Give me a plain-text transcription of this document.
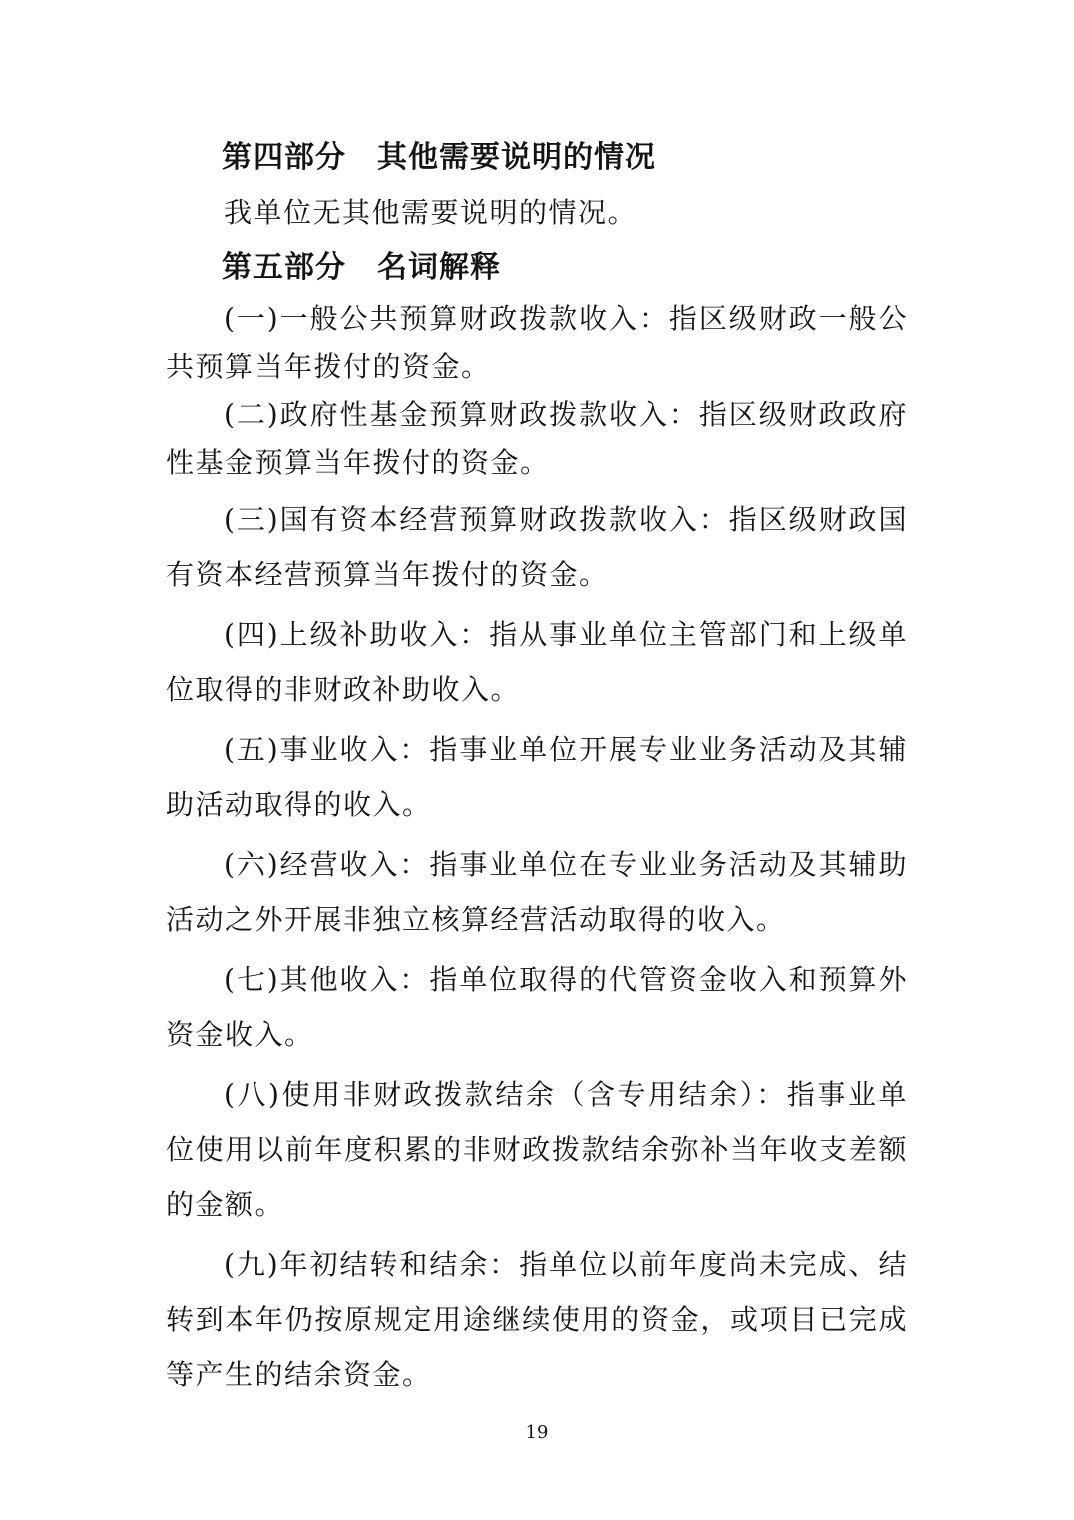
第四部分　其他需要说明的情况

我单位无其他需要说明的情况。

第五部分　名词解释

(一)一般公共预算财政拨款收入：指区级财政一般公共预算当年拨付的资金。

(二)政府性基金预算财政拨款收入：指区级财政政府性基金预算当年拨付的资金。

(三)国有资本经营预算财政拨款收入：指区级财政国有资本经营预算当年拨付的资金。

(四)上级补助收入：指从事业单位主管部门和上级单位取得的非财政补助收入。

(五)事业收入：指事业单位开展专业业务活动及其辅助活动取得的收入。

(六)经营收入：指事业单位在专业业务活动及其辅助活动之外开展非独立核算经营活动取得的收入。

(七)其他收入：指单位取得的代管资金收入和预算外资金收入。

(八)使用非财政拨款结余（含专用结余）：指事业单位使用以前年度积累的非财政拨款结余弥补当年收支差额的金额。

(九)年初结转和结余：指单位以前年度尚未完成、结转到本年仍按原规定用途继续使用的资金，或项目已完成等产生的结余资金。

19
